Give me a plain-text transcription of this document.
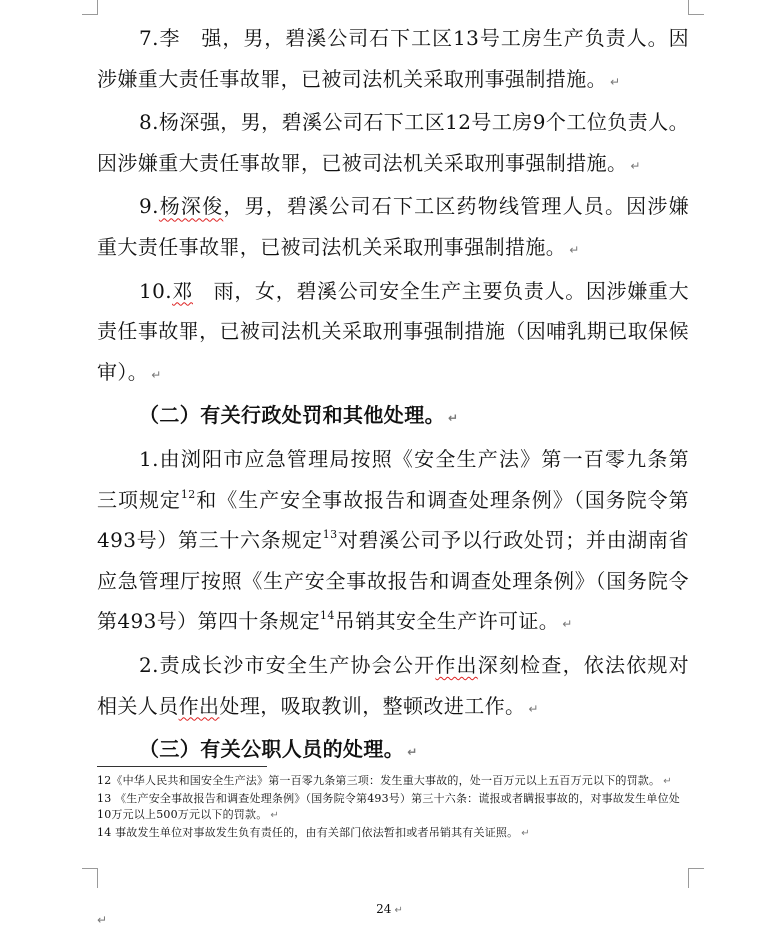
7.李　强，男，碧溪公司石下工区13号工房生产负责人。因涉嫌重大责任事故罪，已被司法机关采取刑事强制措施。 ↵

8.杨深强，男，碧溪公司石下工区12号工房9个工位负责人。因涉嫌重大责任事故罪，已被司法机关采取刑事强制措施。 ↵

9.杨深俊，男，碧溪公司石下工区药物线管理人员。因涉嫌重大责任事故罪，已被司法机关采取刑事强制措施。 ↵

10.邓　雨，女，碧溪公司安全生产主要负责人。因涉嫌重大责任事故罪，已被司法机关采取刑事强制措施（因哺乳期已取保候审）。 ↵

（二）有关行政处罚和其他处理。 ↵

1.由浏阳市应急管理局按照《安全生产法》第一百零九条第三项规定$^{12}$和《生产安全事故报告和调查处理条例》（国务院令第493号）第三十六条规定$^{13}$对碧溪公司予以行政处罚；并由湖南省应急管理厅按照《生产安全事故报告和调查处理条例》（国务院令第493号）第四十条规定$^{14}$吊销其安全生产许可证。 ↵

2.责成长沙市安全生产协会公开作出深刻检查，依法依规对相关人员作出处理，吸取教训，整顿改进工作。 ↵

（三）有关公职人员的处理。 ↵

12《中华人民共和国安全生产法》第一百零九条第三项：发生重大事故的，处一百万元以上五百万元以下的罚款。 ↵

13 《生产安全事故报告和调查处理条例》（国务院令第493号）第三十六条：谎报或者瞒报事故的，对事故发生单位处10万元以上500万元以下的罚款。 ↵

14 事故发生单位对事故发生负有责任的，由有关部门依法暂扣或者吊销其有关证照。 ↵

24 ↵
↵
